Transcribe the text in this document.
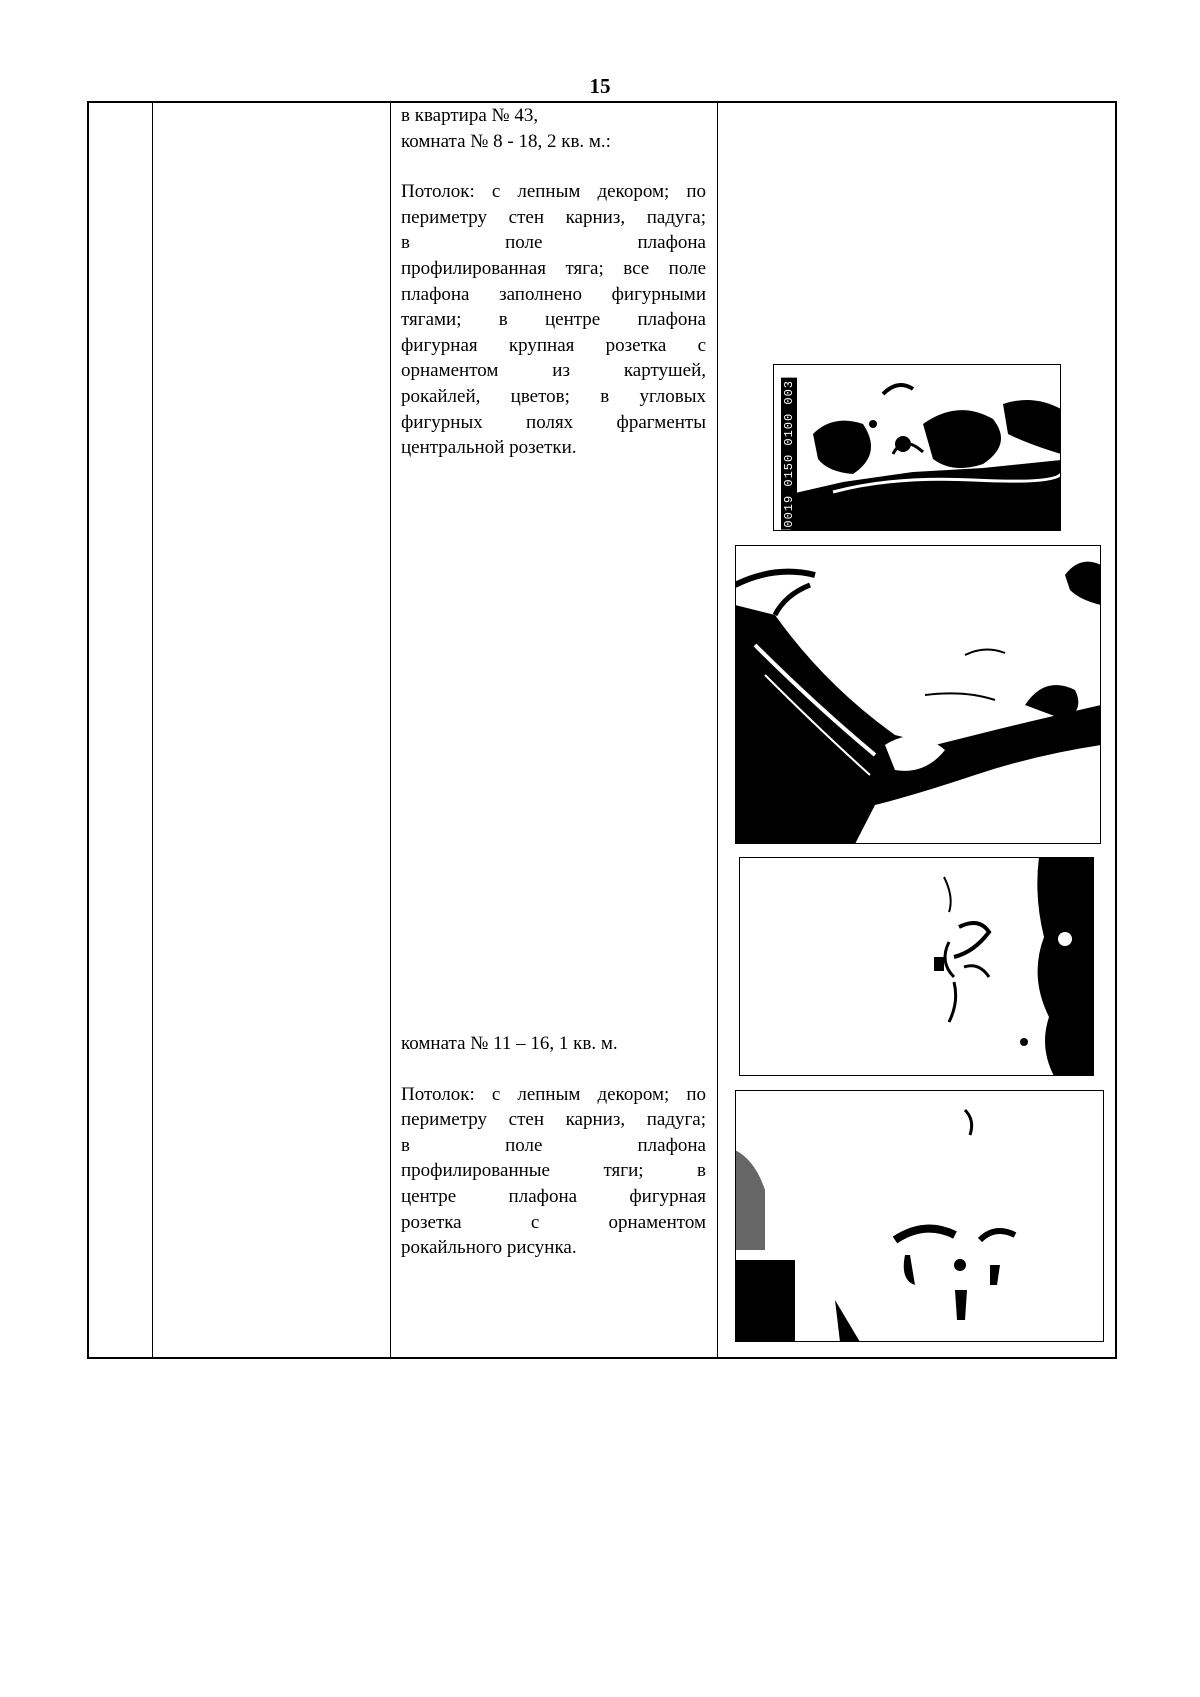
15
в квартира № 43,
комната № 8 - 18, 2 кв. м.:
Потолок: с лепным декором; по
периметру стен карниз, падуга;
в поле плафона
профилированная тяга; все поле
плафона заполнено фигурными
тягами; в центре плафона
фигурная крупная розетка с
орнаментом из картушей,
рокайлей, цветов; в угловых
фигурных полях фрагменты
центральной розетки.
комната № 11 – 16, 1 кв. м.
Потолок: с лепным декором; по
периметру стен карниз, падуга;
в поле плафона
профилированные тяги; в
центре плафона фигурная
розетка с орнаментом
рокайльного рисунка.
0019 0150 0100 003
